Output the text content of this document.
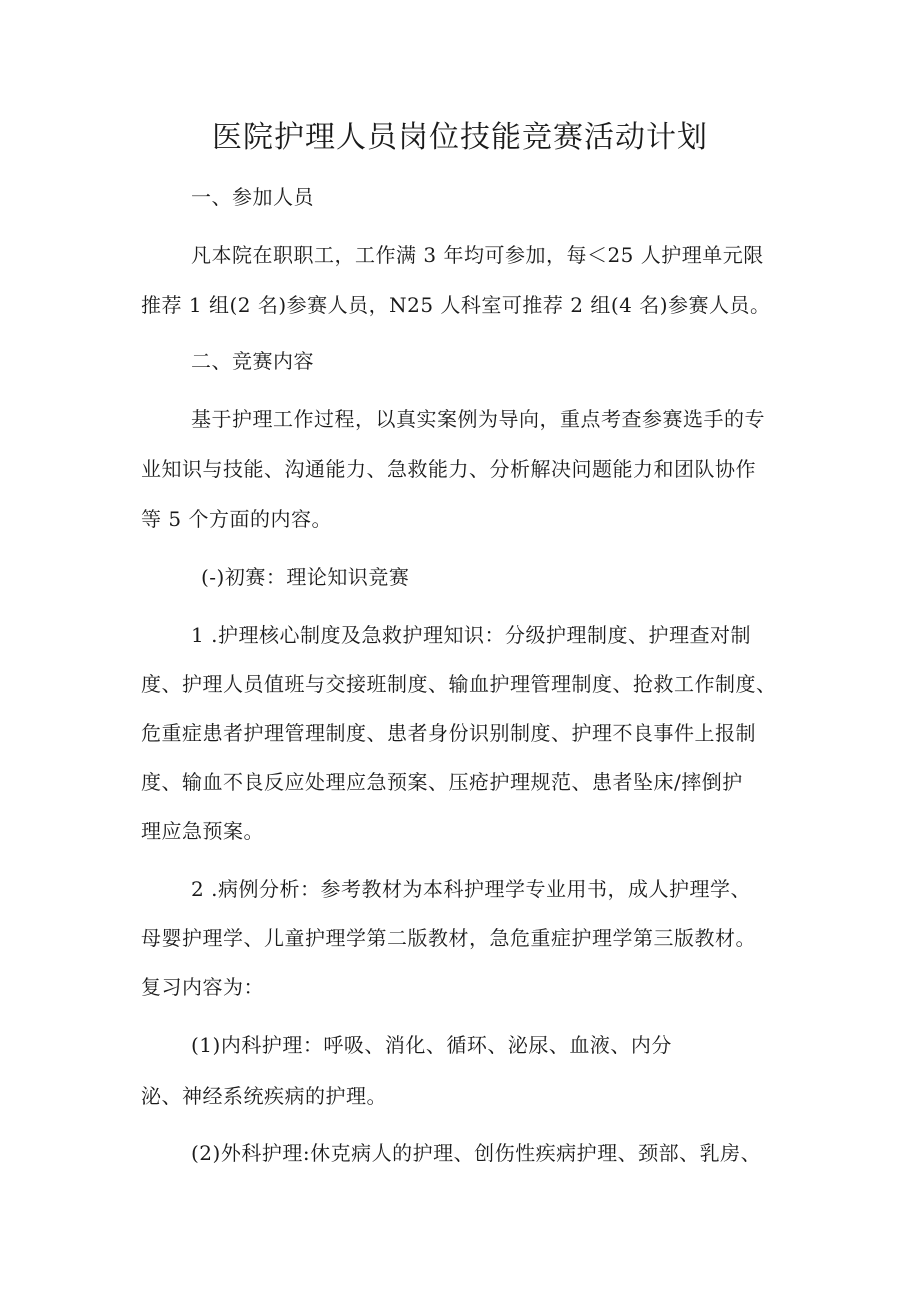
医院护理人员岗位技能竞赛活动计划
一、参加人员
凡本院在职职工，工作满 3 年均可参加，每＜25 人护理单元限
推荐 1 组(2 名)参赛人员，N25 人科室可推荐 2 组(4 名)参赛人员。
二、竞赛内容
基于护理工作过程，以真实案例为导向，重点考查参赛选手的专
业知识与技能、沟通能力、急救能力、分析解决问题能力和团队协作
等 5 个方面的内容。
(-)初赛：理论知识竞赛
1 .护理核心制度及急救护理知识：分级护理制度、护理查对制
度、护理人员值班与交接班制度、输血护理管理制度、抢救工作制度、
危重症患者护理管理制度、患者身份识别制度、护理不良事件上报制
度、输血不良反应处理应急预案、压疮护理规范、患者坠床/摔倒护
理应急预案。
2 .病例分析：参考教材为本科护理学专业用书，成人护理学、
母婴护理学、儿童护理学第二版教材，急危重症护理学第三版教材。
复习内容为：
(1)内科护理：呼吸、消化、循环、泌尿、血液、内分
泌、神经系统疾病的护理。
(2)外科护理:休克病人的护理、创伤性疾病护理、颈部、乳房、
